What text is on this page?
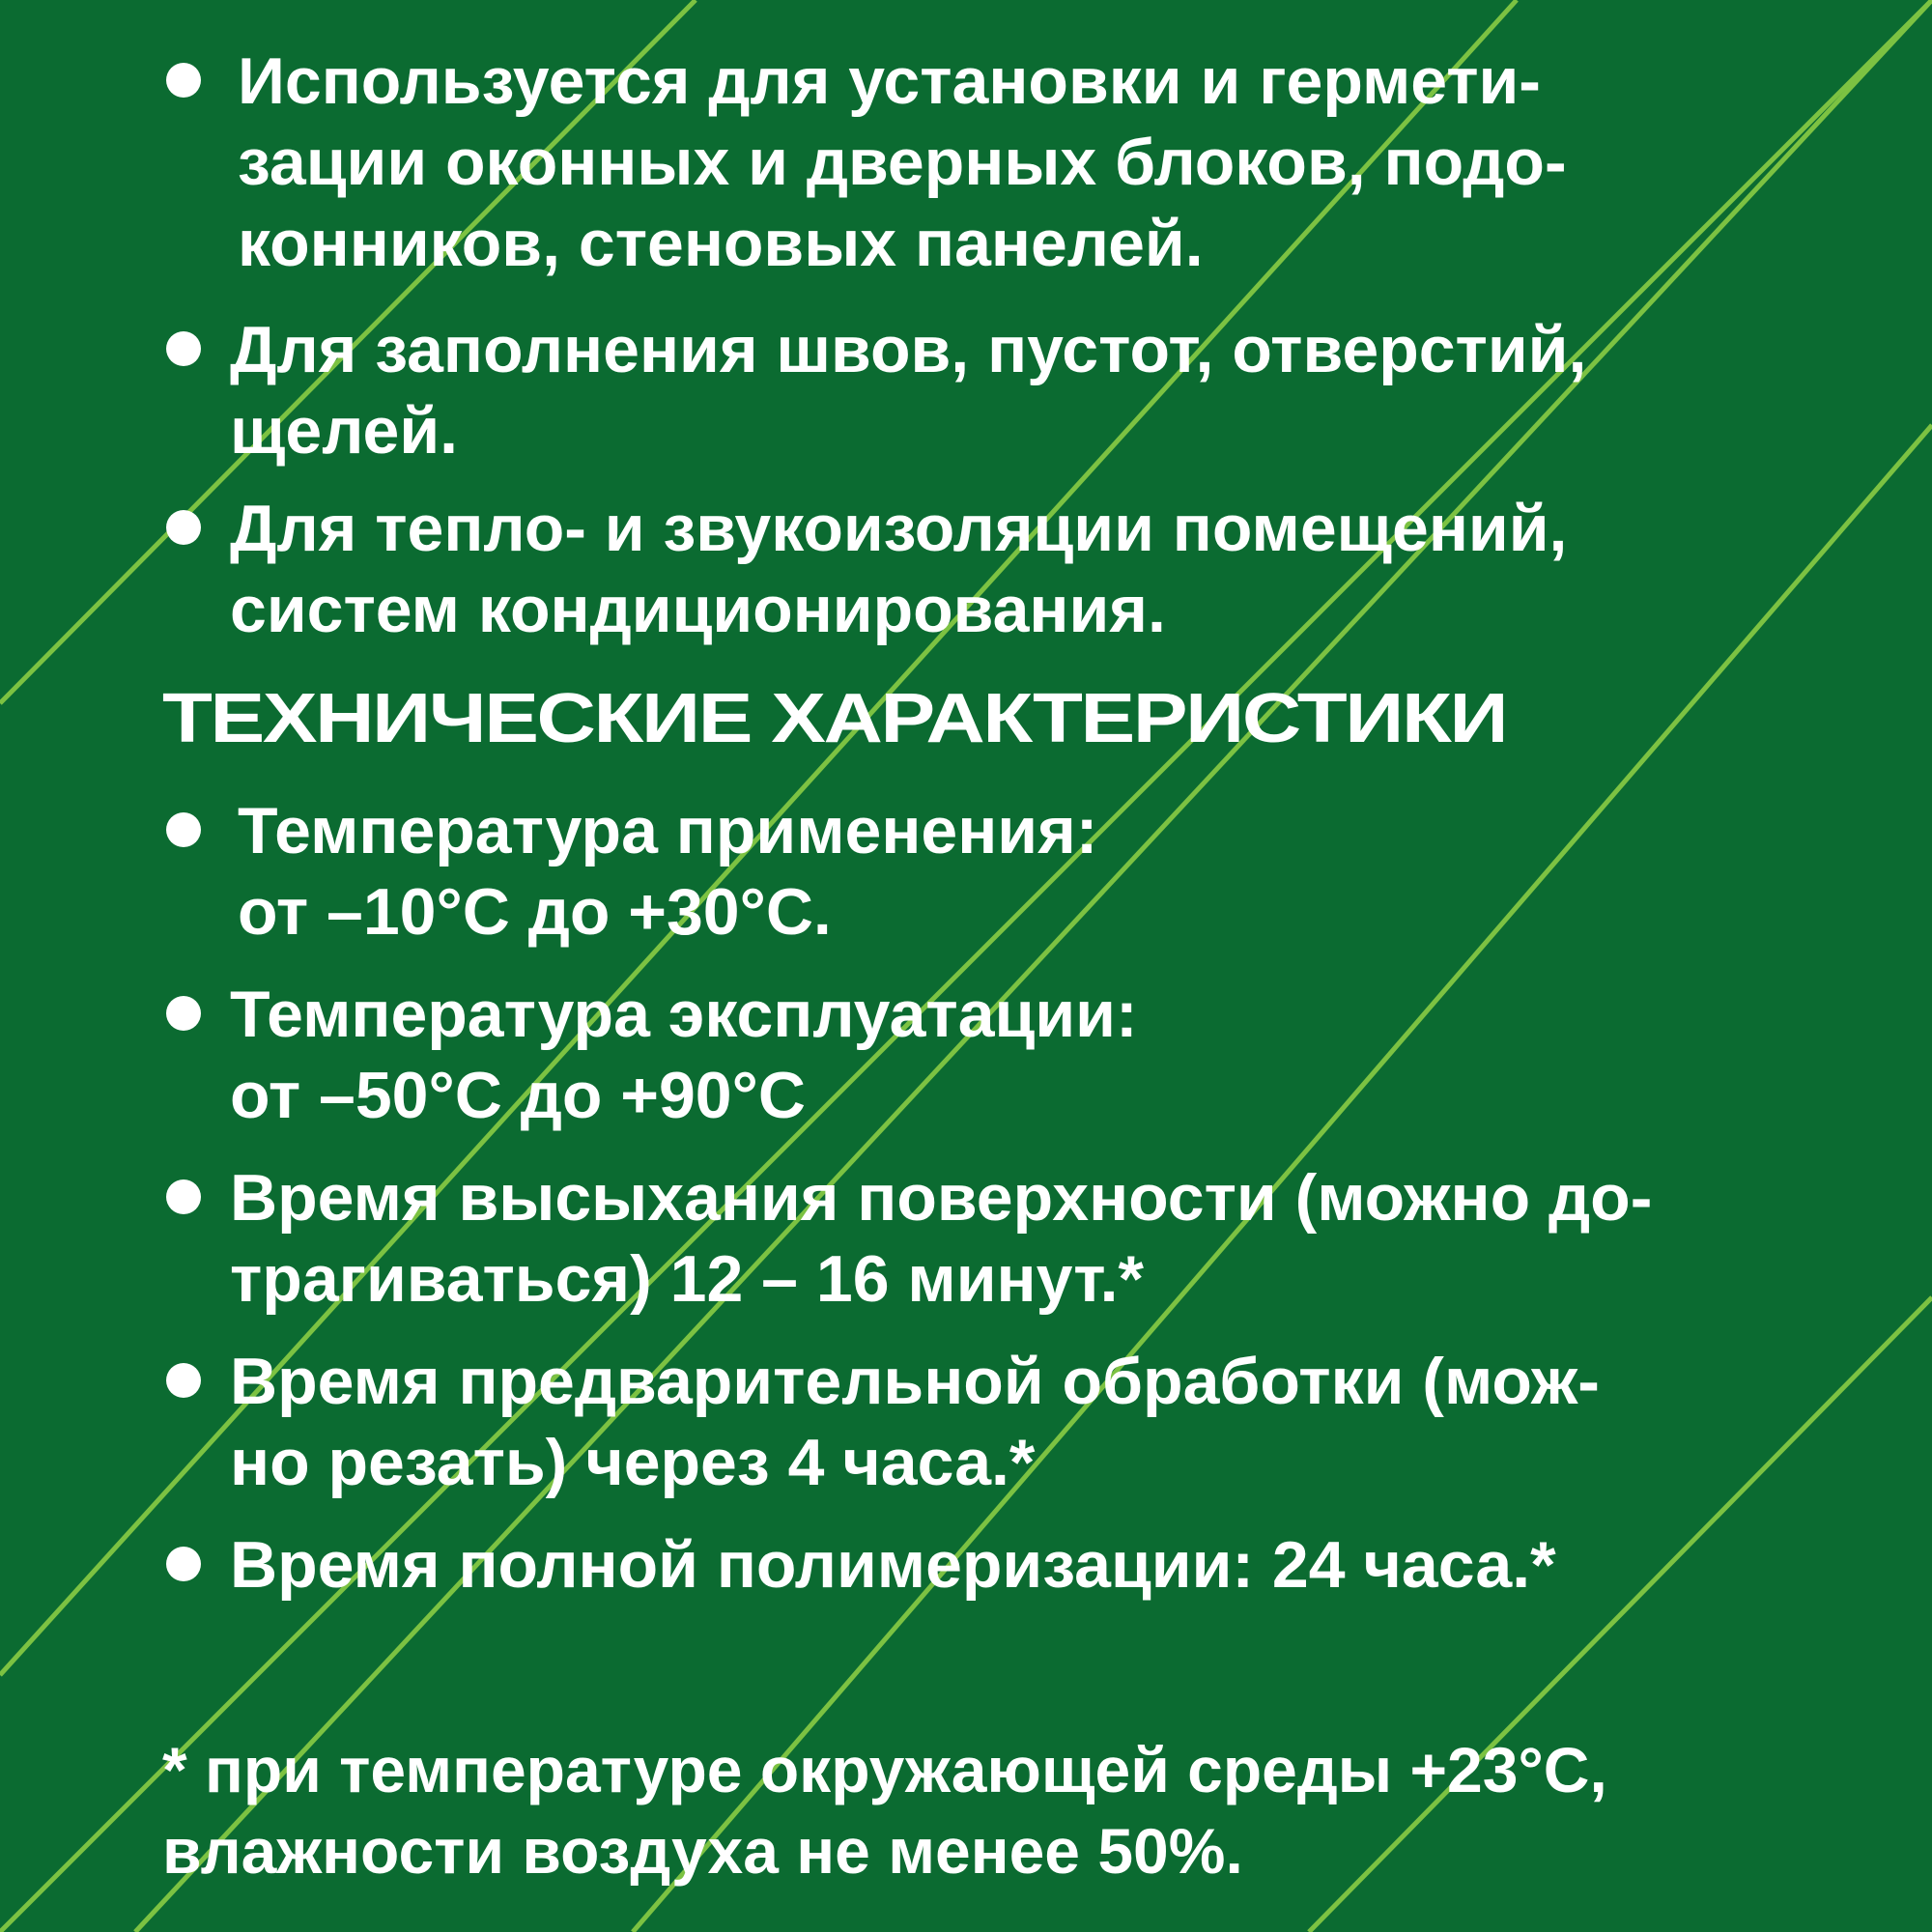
Используется для установки и гермети-
зации оконных и дверных блоков, подо-
конников, стеновых панелей.

Для заполнения швов, пустот, отверстий,
щелей.

Для тепло- и звукоизоляции помещений,
систем кондиционирования.

ТЕХНИЧЕСКИЕ ХАРАКТЕРИСТИКИ

Температура применения:
от –10°С до +30°С.

Температура эксплуатации:
от –50°С до +90°С

Время высыхания поверхности (можно до-
трагиваться) 12 – 16 минут.*

Время предварительной обработки (мож-
но резать) через 4 часа.*

Время полной полимеризации: 24 часа.*

* при температуре окружающей среды +23°С,
влажности воздуха не менее 50%.
